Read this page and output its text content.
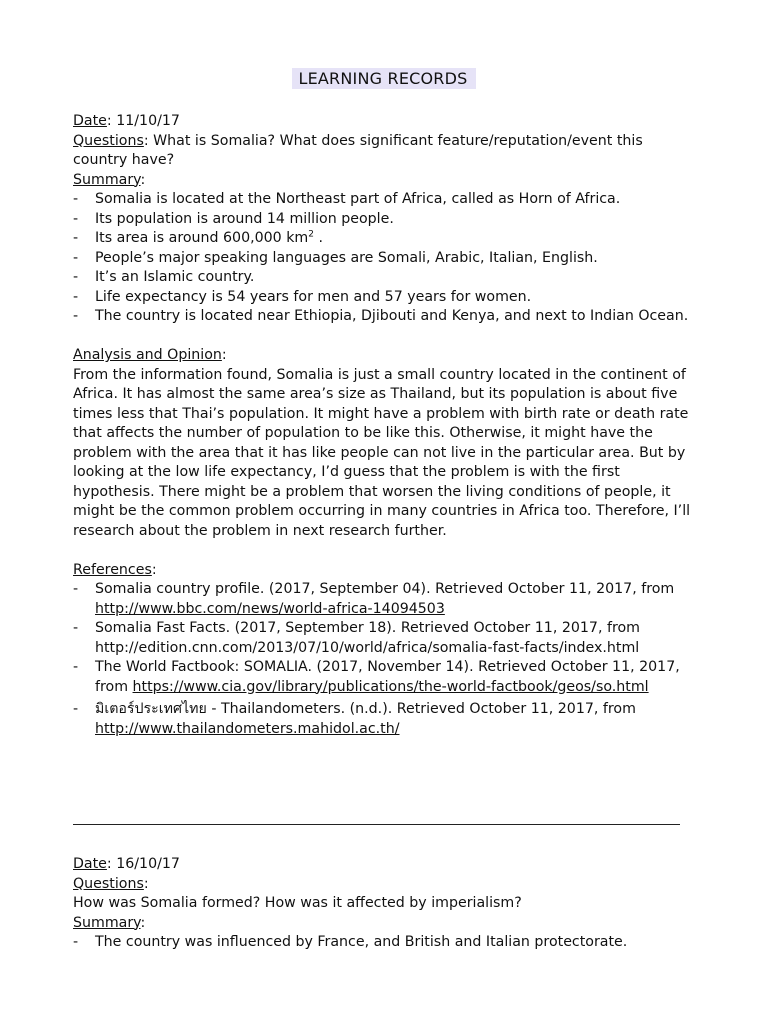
LEARNING RECORDS

Date: 11/10/17

Questions: What is Somalia? What does significant feature/reputation/event this country have?

Summary:

- Somalia is located at the Northeast part of Africa, called as Horn of Africa.
- Its population is around 14 million people.
- Its area is around 600,000 $km^2$ .
- People’s major speaking languages are Somali, Arabic, Italian, English.
- It’s an Islamic country.
- Life expectancy is 54 years for men and 57 years for women.
- The country is located near Ethiopia, Djibouti and Kenya, and next to Indian Ocean.

Analysis and Opinion:

From the information found, Somalia is just a small country located in the continent of Africa. It has almost the same area’s size as Thailand, but its population is about five times less that Thai’s population. It might have a problem with birth rate or death rate that affects the number of population to be like this. Otherwise, it might have the problem with the area that it has like people can not live in the particular area. But by looking at the low life expectancy, I’d guess that the problem is with the first hypothesis. There might be a problem that worsen the living conditions of people, it might be the common problem occurring in many countries in Africa too. Therefore, I’ll research about the problem in next research further.

References:

- Somalia country profile. (2017, September 04). Retrieved October 11, 2017, from http://www.bbc.com/news/world-africa-14094503
- Somalia Fast Facts. (2017, September 18). Retrieved October 11, 2017, from http://edition.cnn.com/2013/07/10/world/africa/somalia-fast-facts/index.html
- The World Factbook: SOMALIA. (2017, November 14). Retrieved October 11, 2017, from https://www.cia.gov/library/publications/the-world-factbook/geos/so.html
- มิเตอร์ประเทศไทย - Thailandometers. (n.d.). Retrieved October 11, 2017, from http://www.thailandometers.mahidol.ac.th/

Date: 16/10/17

Questions:

How was Somalia formed? How was it affected by imperialism?

Summary:

- The country was influenced by France, and British and Italian protectorate.
